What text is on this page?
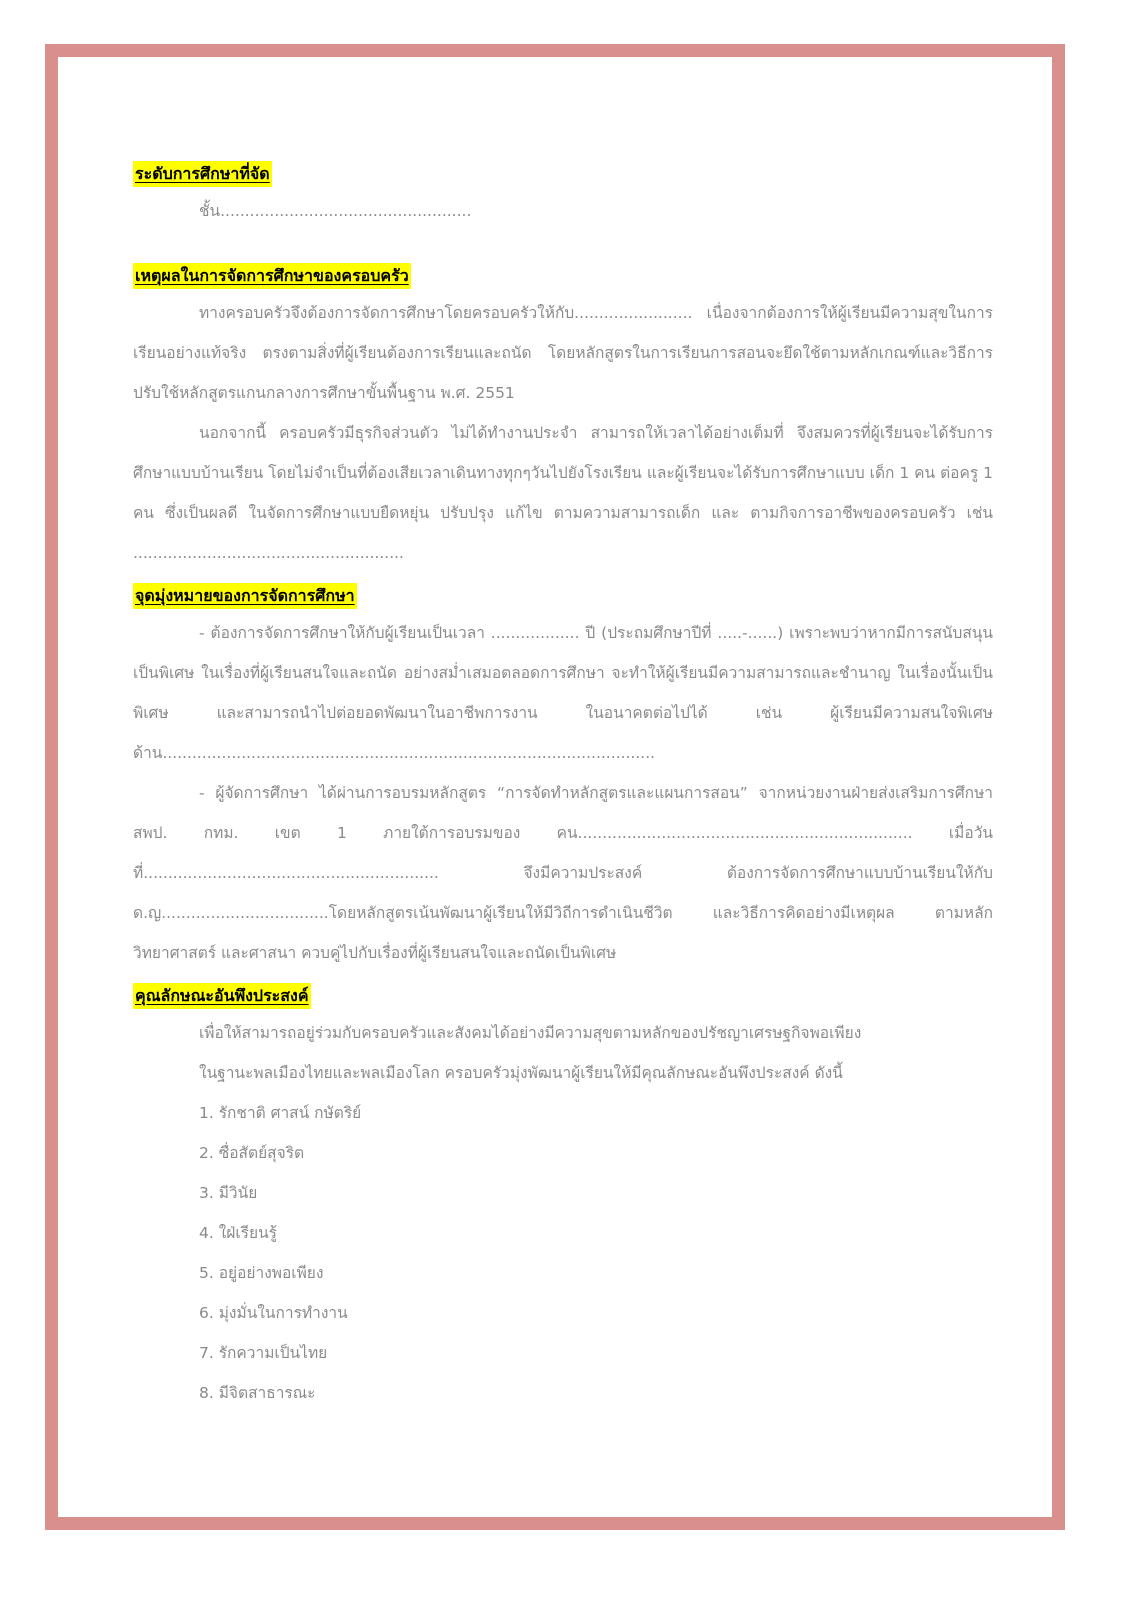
ระดับการศึกษาที่จัด

ชั้น...................................................

เหตุผลในการจัดการศึกษาของครอบครัว

ทางครอบครัวจึงต้องการจัดการศึกษาโดยครอบครัวให้กับ........................ เนื่องจากต้องการให้ผู้เรียนมีความสุขในการเรียนอย่างแท้จริง ตรงตามสิ่งที่ผู้เรียนต้องการเรียนและถนัด โดยหลักสูตรในการเรียนการสอนจะยึดใช้ตามหลักเกณฑ์และวิธีการปรับใช้หลักสูตรแกนกลางการศึกษาขั้นพื้นฐาน พ.ศ. 2551

นอกจากนี้ ครอบครัวมีธุรกิจส่วนตัว ไม่ได้ทำงานประจำ สามารถให้เวลาได้อย่างเต็มที่ จึงสมควรที่ผู้เรียนจะได้รับการศึกษาแบบบ้านเรียน โดยไม่จำเป็นที่ต้องเสียเวลาเดินทางทุกๆวันไปยังโรงเรียน และผู้เรียนจะได้รับการศึกษาแบบ เด็ก 1 คน ต่อครู 1 คน ซึ่งเป็นผลดี ในจัดการศึกษาแบบยืดหยุ่น ปรับปรุง แก้ไข ตามความสามารถเด็ก และ ตามกิจการอาชีพของครอบครัว เช่น .......................................................

จุดมุ่งหมายของการจัดการศึกษา

- ต้องการจัดการศึกษาให้กับผู้เรียนเป็นเวลา .................. ปี (ประถมศึกษาปีที่ .....-......) เพราะพบว่าหากมีการสนับสนุนเป็นพิเศษ ในเรื่องที่ผู้เรียนสนใจและถนัด อย่างสม่ำเสมอตลอดการศึกษา จะทำให้ผู้เรียนมีความสามารถและชำนาญ ในเรื่องนั้นเป็นพิเศษ และสามารถนำไปต่อยอดพัฒนาในอาชีพการงาน ในอนาคตต่อไปได้ เช่น ผู้เรียนมีความสนใจพิเศษด้าน....................................................................................................

- ผู้จัดการศึกษา ได้ผ่านการอบรมหลักสูตร “การจัดทำหลักสูตรและแผนการสอน” จากหน่วยงานฝ่ายส่งเสริมการศึกษา สพป. กทม. เขต 1 ภายใต้การอบรมของ คน.................................................................... เมื่อวันที่............................................................ จึงมีความประสงค์ ต้องการจัดการศึกษาแบบบ้านเรียนให้กับ ด.ญ..................................โดยหลักสูตรเน้นพัฒนาผู้เรียนให้มีวิถีการดำเนินชีวิต และวิธีการคิดอย่างมีเหตุผล ตามหลักวิทยาศาสตร์ และศาสนา ควบคู่ไปกับเรื่องที่ผู้เรียนสนใจและถนัดเป็นพิเศษ

คุณลักษณะอันพึงประสงค์

เพื่อให้สามารถอยู่ร่วมกับครอบครัวและสังคมได้อย่างมีความสุขตามหลักของปรัชญาเศรษฐกิจพอเพียง

ในฐานะพลเมืองไทยและพลเมืองโลก ครอบครัวมุ่งพัฒนาผู้เรียนให้มีคุณลักษณะอันพึงประสงค์ ดังนี้

1. รักชาติ ศาสน์ กษัตริย์
2. ซื่อสัตย์สุจริต
3. มีวินัย
4. ใฝ่เรียนรู้
5. อยู่อย่างพอเพียง
6. มุ่งมั่นในการทำงาน
7. รักความเป็นไทย
8. มีจิตสาธารณะ
